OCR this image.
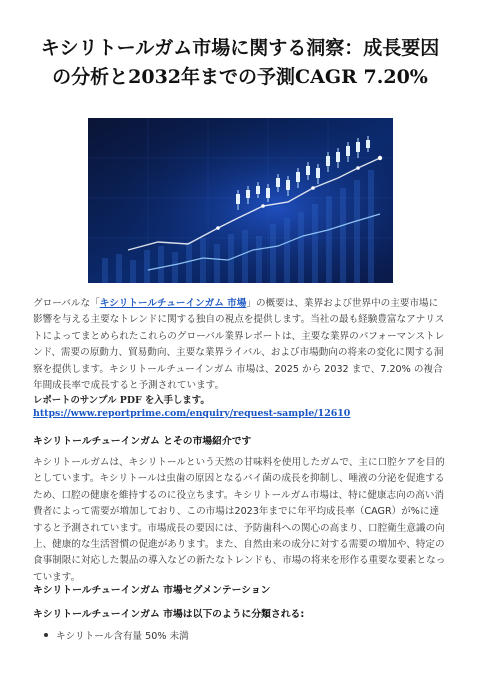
キシリトールガム市場に関する洞察：成長要因
の分析と2032年までの予測CAGR 7.20%

グローバルな「キシリトールチューインガム 市場」の概要は、業界および世界中の主要市場に影響を与える主要なトレンドに関する独自の視点を提供します。当社の最も経験豊富なアナリストによってまとめられたこれらのグローバル業界レポートは、主要な業界のパフォーマンストレンド、需要の原動力、貿易動向、主要な業界ライバル、および市場動向の将来の変化に関する洞察を提供します。キシリトールチューインガム 市場は、2025 から 2032 まで、7.20% の複合年間成長率で成長すると予測されています。

レポートのサンプル PDF を入手します。 https://www.reportprime.com/enquiry/request-sample/12610

キシリトールチューインガム とその市場紹介です

キシリトールガムは、キシリトールという天然の甘味料を使用したガムで、主に口腔ケアを目的としています。キシリトールは虫歯の原因となるバイ菌の成長を抑制し、唾液の分泌を促進するため、口腔の健康を維持するのに役立ちます。キシリトールガム市場は、特に健康志向の高い消費者によって需要が増加しており、この市場は2023年までに年平均成長率（CAGR）が%に達すると予測されています。市場成長の要因には、予防歯科への関心の高まり、口腔衛生意識の向上、健康的な生活習慣の促進があります。また、自然由来の成分に対する需要の増加や、特定の食事制限に対応した製品の導入などの新たなトレンドも、市場の将来を形作る重要な要素となっています。

キシリトールチューインガム 市場セグメンテーション

キシリトールチューインガム 市場は以下のように分類される:

キシリトール含有量 50% 未満
